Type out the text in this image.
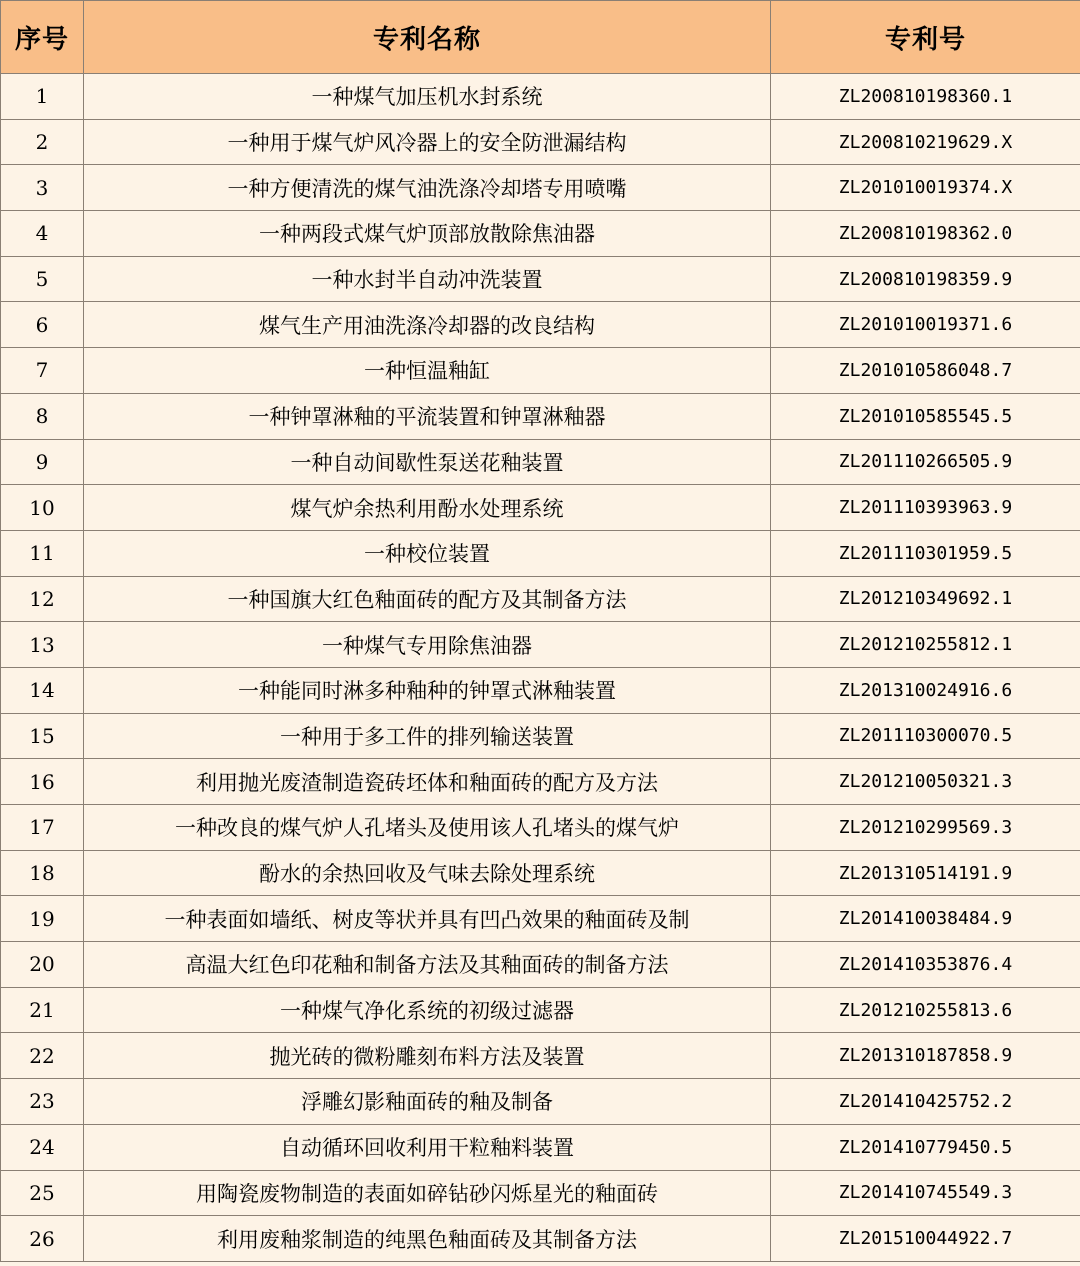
序号	专利名称	专利号
1	一种煤气加压机水封系统	ZL200810198360.1
2	一种用于煤气炉风冷器上的安全防泄漏结构	ZL200810219629.X
3	一种方便清洗的煤气油洗涤冷却塔专用喷嘴	ZL201010019374.X
4	一种两段式煤气炉顶部放散除焦油器	ZL200810198362.0
5	一种水封半自动冲洗装置	ZL200810198359.9
6	煤气生产用油洗涤冷却器的改良结构	ZL201010019371.6
7	一种恒温釉缸	ZL201010586048.7
8	一种钟罩淋釉的平流装置和钟罩淋釉器	ZL201010585545.5
9	一种自动间歇性泵送花釉装置	ZL201110266505.9
10	煤气炉余热利用酚水处理系统	ZL201110393963.9
11	一种校位装置	ZL201110301959.5
12	一种国旗大红色釉面砖的配方及其制备方法	ZL201210349692.1
13	一种煤气专用除焦油器	ZL201210255812.1
14	一种能同时淋多种釉种的钟罩式淋釉装置	ZL201310024916.6
15	一种用于多工件的排列输送装置	ZL201110300070.5
16	利用抛光废渣制造瓷砖坯体和釉面砖的配方及方法	ZL201210050321.3
17	一种改良的煤气炉人孔堵头及使用该人孔堵头的煤气炉	ZL201210299569.3
18	酚水的余热回收及气味去除处理系统	ZL201310514191.9
19	一种表面如墙纸、树皮等状并具有凹凸效果的釉面砖及制	ZL201410038484.9
20	高温大红色印花釉和制备方法及其釉面砖的制备方法	ZL201410353876.4
21	一种煤气净化系统的初级过滤器	ZL201210255813.6
22	抛光砖的微粉雕刻布料方法及装置	ZL201310187858.9
23	浮雕幻影釉面砖的釉及制备	ZL201410425752.2
24	自动循环回收利用干粒釉料装置	ZL201410779450.5
25	用陶瓷废物制造的表面如碎钻砂闪烁星光的釉面砖	ZL201410745549.3
26	利用废釉浆制造的纯黑色釉面砖及其制备方法	ZL201510044922.7
